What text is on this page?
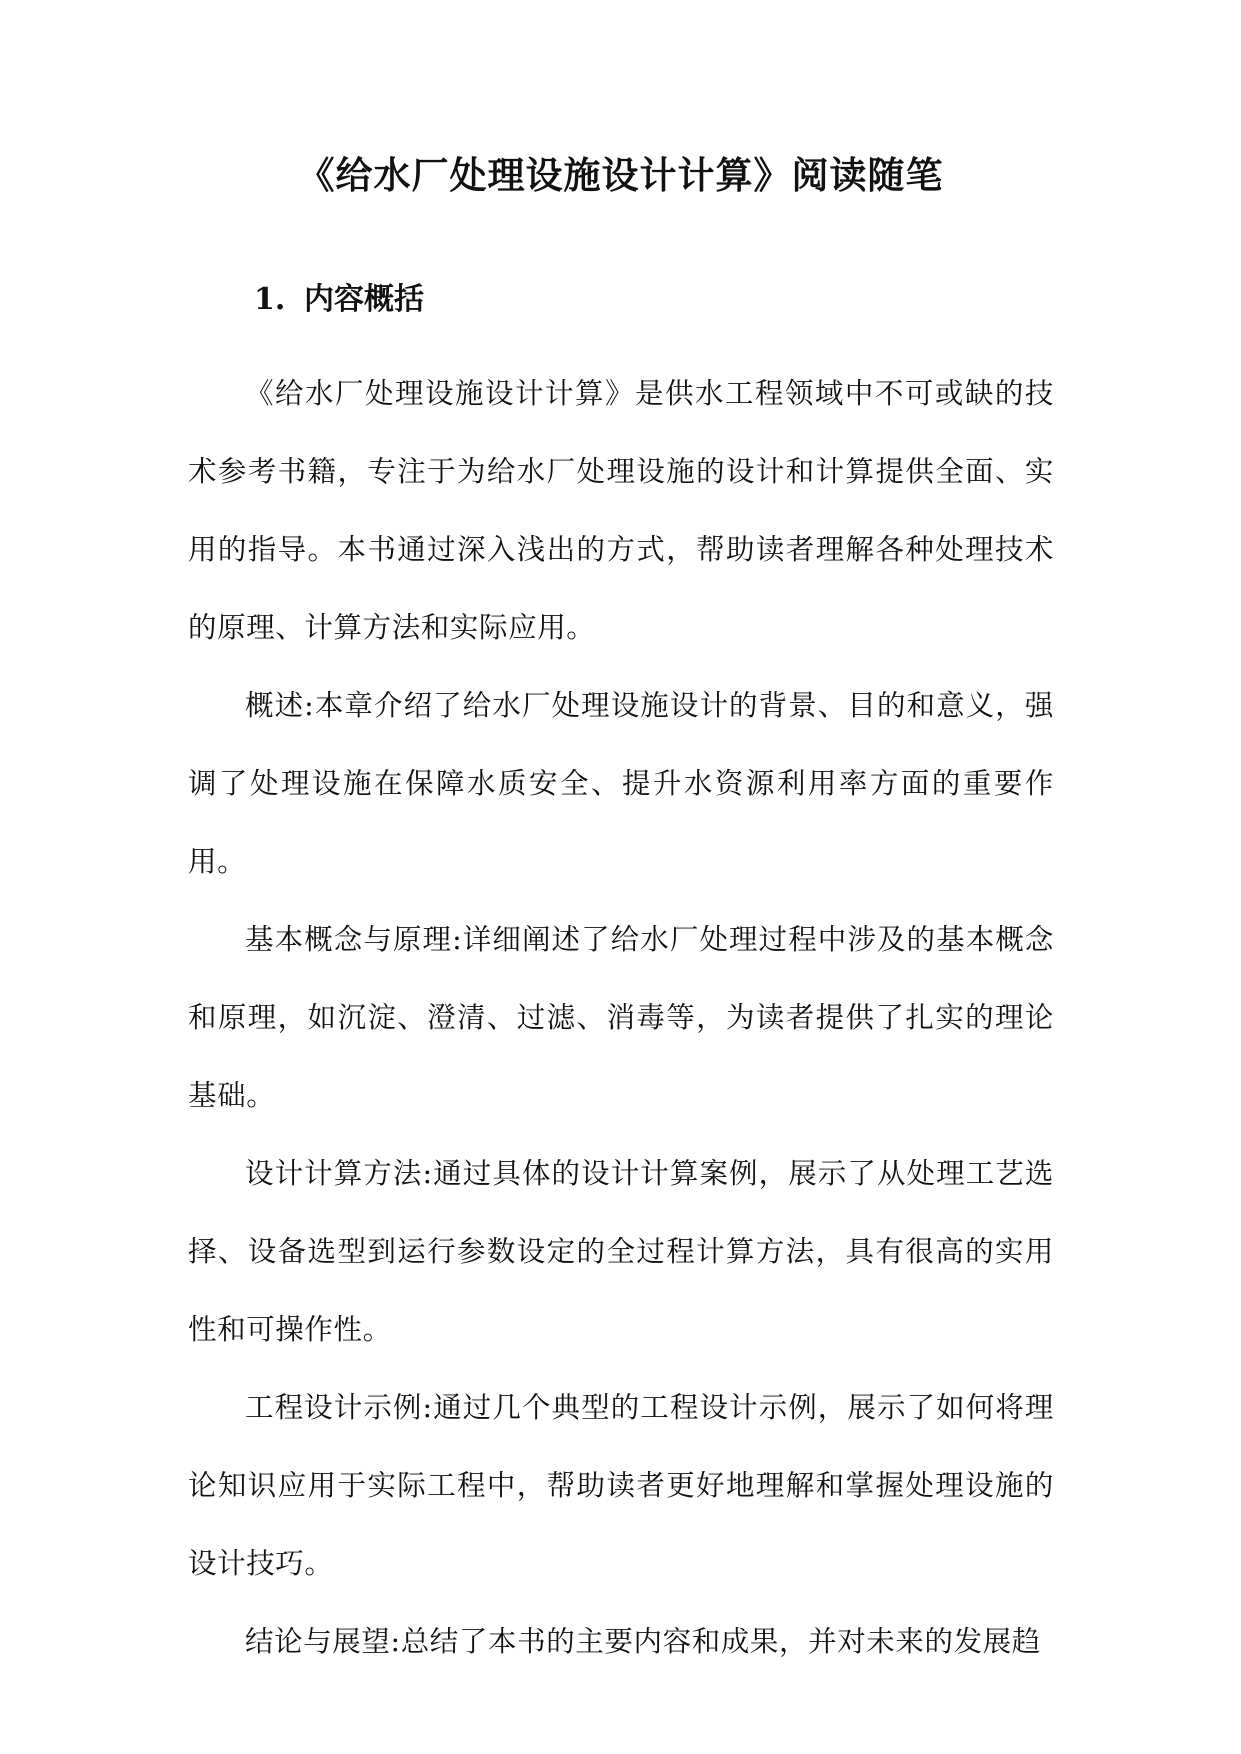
《给水厂处理设施设计计算》阅读随笔
1. 内容概括

《给水厂处理设施设计计算》是供水工程领域中不可或缺的技术参考书籍，专注于为给水厂处理设施的设计和计算提供全面、实用的指导。本书通过深入浅出的方式，帮助读者理解各种处理技术的原理、计算方法和实际应用。

概述:本章介绍了给水厂处理设施设计的背景、目的和意义，强调了处理设施在保障水质安全、提升水资源利用率方面的重要作用。

基本概念与原理:详细阐述了给水厂处理过程中涉及的基本概念和原理，如沉淀、澄清、过滤、消毒等，为读者提供了扎实的理论基础。

设计计算方法:通过具体的设计计算案例，展示了从处理工艺选择、设备选型到运行参数设定的全过程计算方法，具有很高的实用性和可操作性。

工程设计示例:通过几个典型的工程设计示例，展示了如何将理论知识应用于实际工程中，帮助读者更好地理解和掌握处理设施的设计技巧。

结论与展望:总结了本书的主要内容和成果，并对未来的发展趋
